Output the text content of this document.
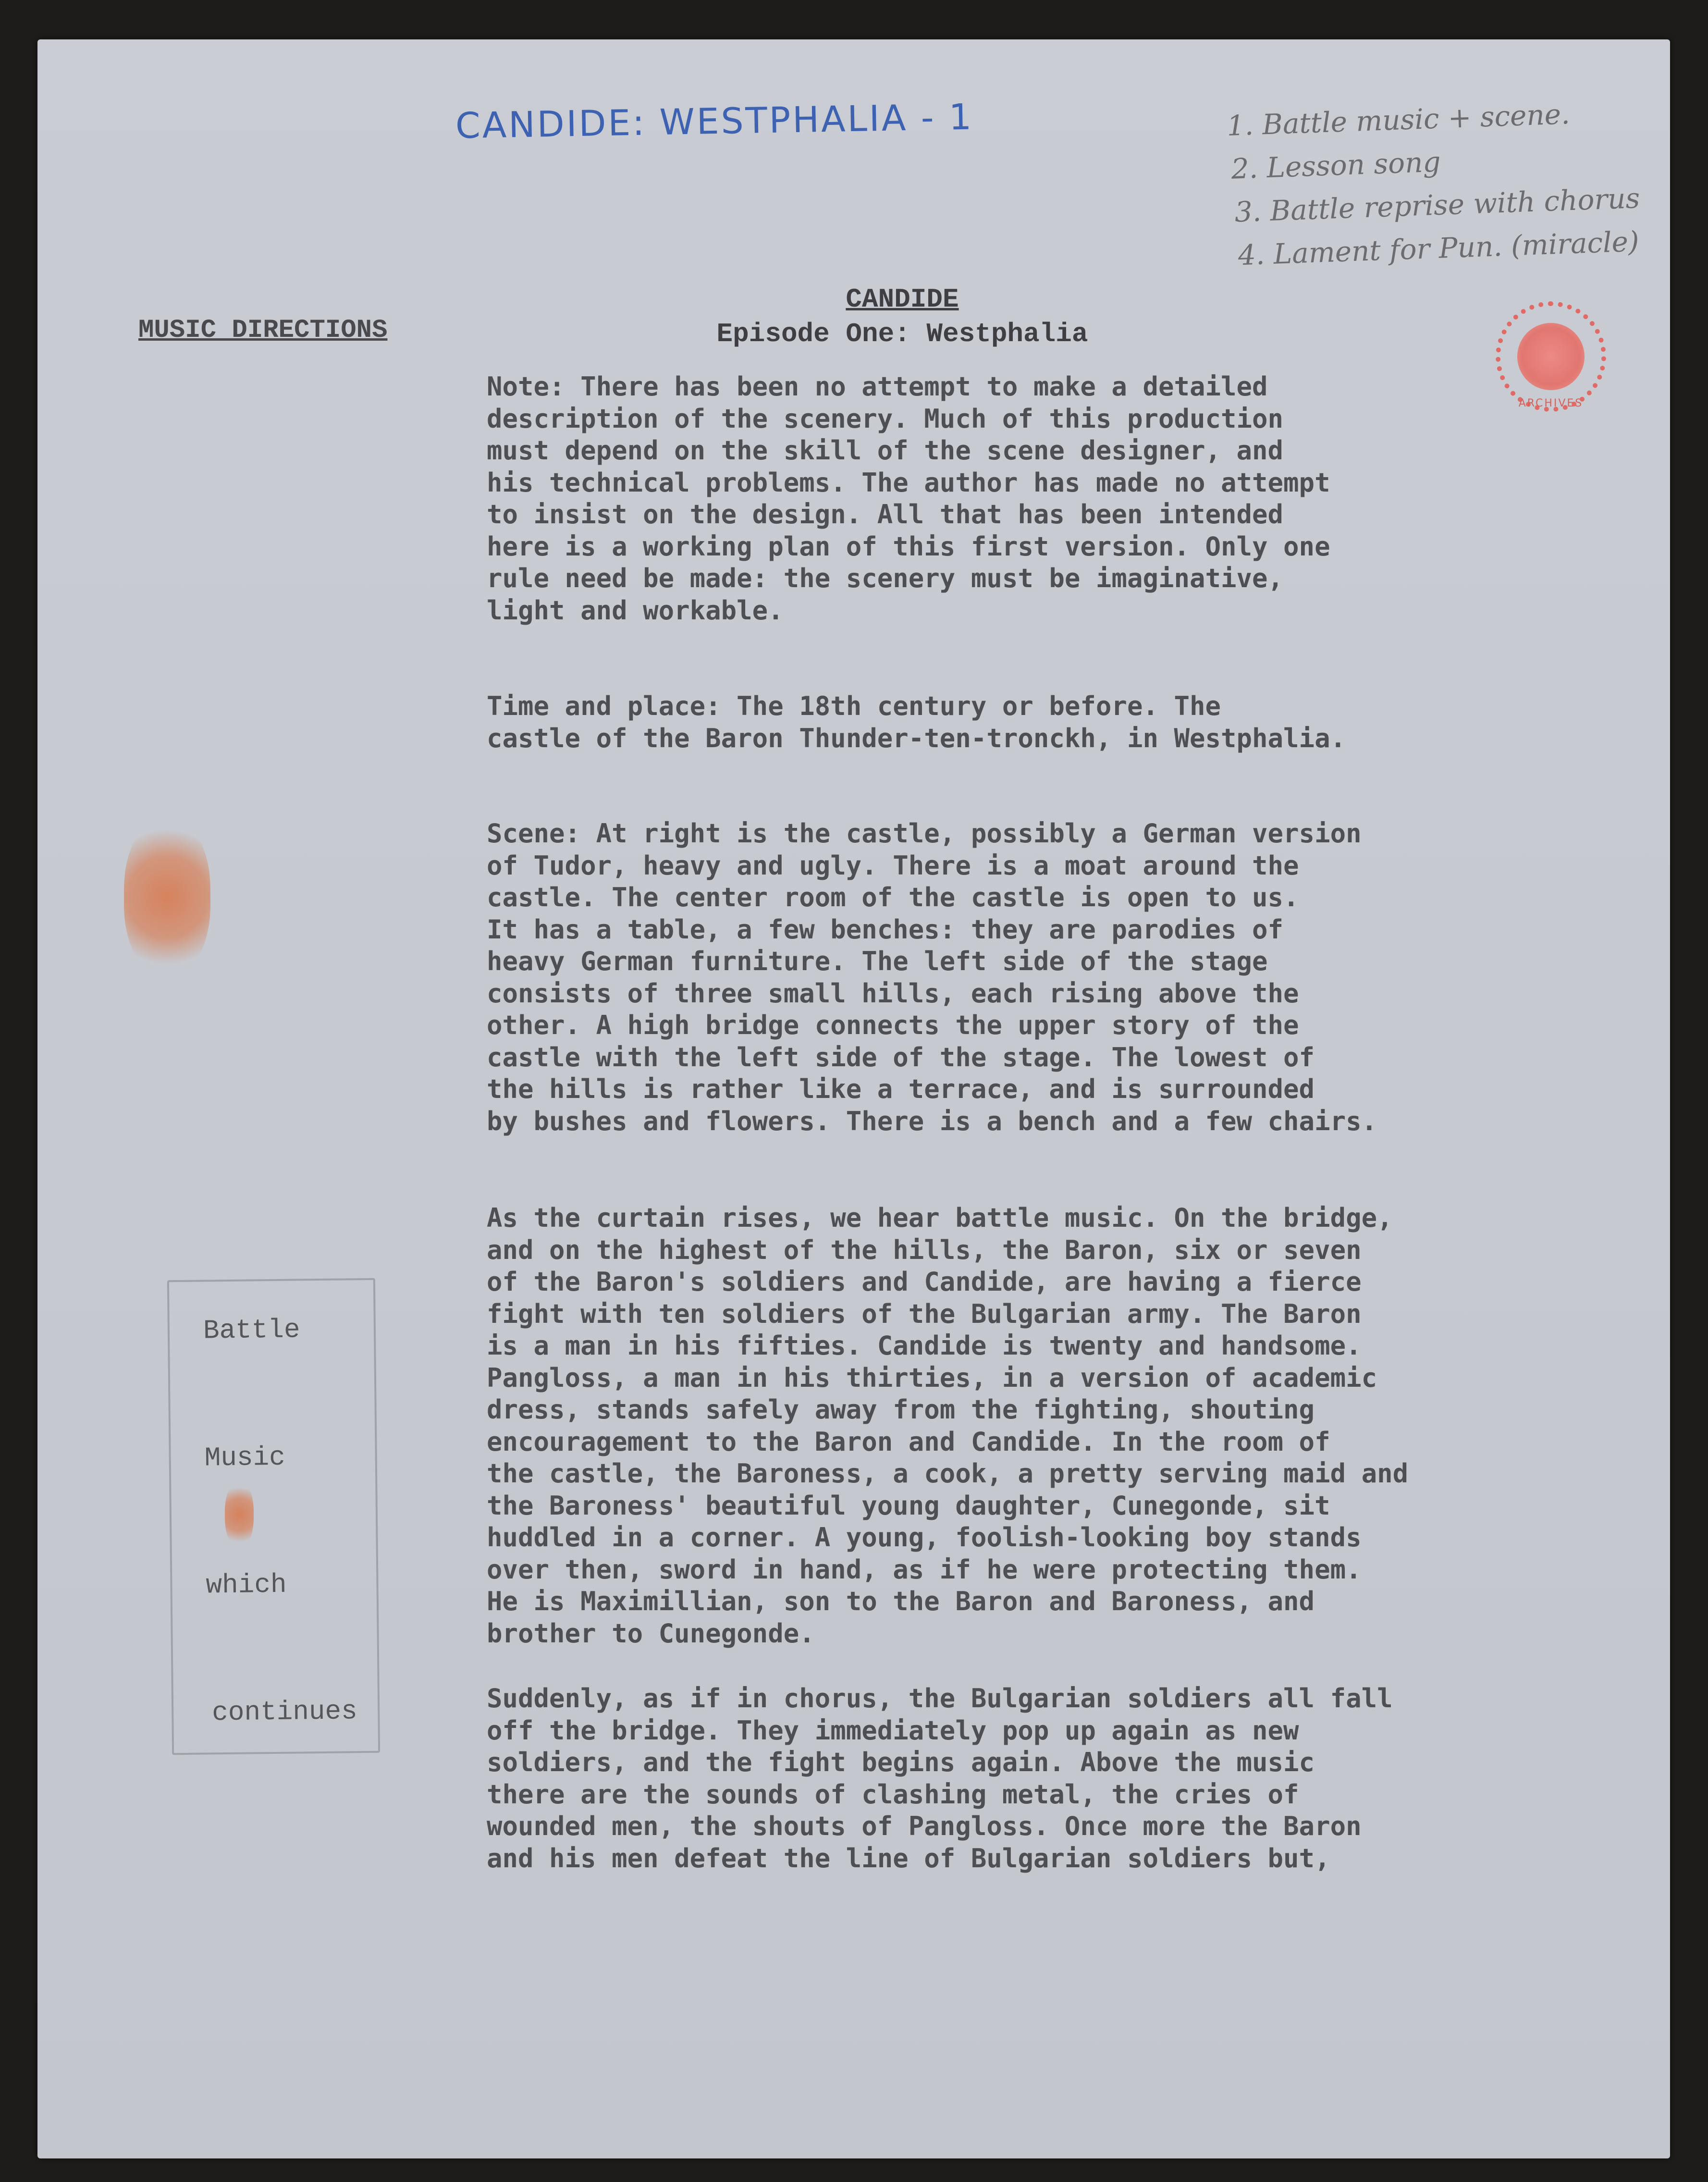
CANDIDE: WESTPHALIA - 1	1. Battle music + scene.
2. Lesson song
3. Battle reprise with chorus
4. Lament for Pun. (miracle)
MUSIC DIRECTIONS
CANDIDE
Episode One: Westphalia
ARCHIVES
Note: There has been no attempt to make a detailed
description of the scenery. Much of this production
must depend on the skill of the scene designer, and
his technical problems. The author has made no attempt
to insist on the design. All that has been intended
here is a working plan of this first version. Only one
rule need be made: the scenery must be imaginative,
light and workable.
Time and place: The 18th century or before. The
castle of the Baron Thunder-ten-tronckh, in Westphalia.
Scene: At right is the castle, possibly a German version
of Tudor, heavy and ugly. There is a moat around the
castle. The center room of the castle is open to us.
It has a table, a few benches: they are parodies of
heavy German furniture. The left side of the stage
consists of three small hills, each rising above the
other. A high bridge connects the upper story of the
castle with the left side of the stage. The lowest of
the hills is rather like a terrace, and is surrounded
by bushes and flowers. There is a bench and a few chairs.
As the curtain rises, we hear battle music. On the bridge,
and on the highest of the hills, the Baron, six or seven
of the Baron's soldiers and Candide, are having a fierce
fight with ten soldiers of the Bulgarian army. The Baron
is a man in his fifties. Candide is twenty and handsome.
Pangloss, a man in his thirties, in a version of academic
dress, stands safely away from the fighting, shouting
encouragement to the Baron and Candide. In the room of
the castle, the Baroness, a cook, a pretty serving maid and
the Baroness' beautiful young daughter, Cunegonde, sit
huddled in a corner. A young, foolish-looking boy stands
over then, sword in hand, as if he were protecting them.
He is Maximillian, son to the Baron and Baroness, and
brother to Cunegonde.
Suddenly, as if in chorus, the Bulgarian soldiers all fall
off the bridge. They immediately pop up again as new
soldiers, and the fight begins again. Above the music
there are the sounds of clashing metal, the cries of
wounded men, the shouts of Pangloss. Once more the Baron
and his men defeat the line of Bulgarian soldiers but,
Battle
Music
which
continues
